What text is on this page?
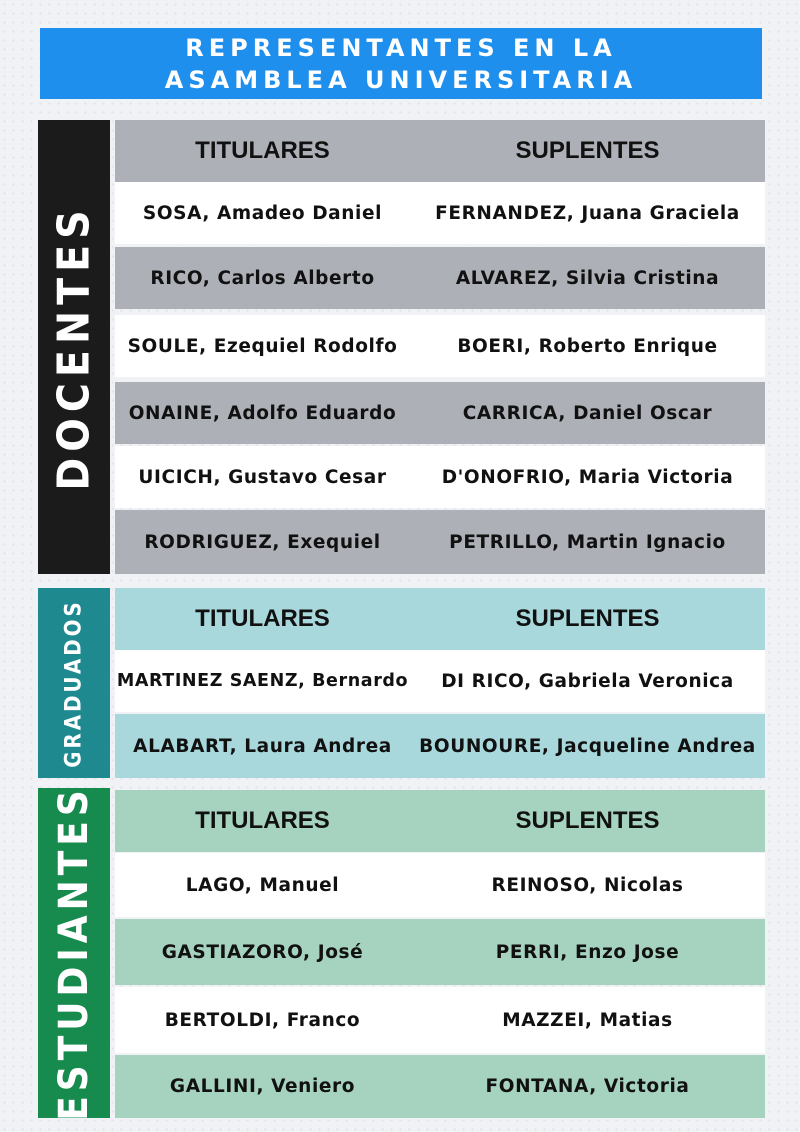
REPRESENTANTES EN LA
ASAMBLEA UNIVERSITARIA
DOCENTES
TITULARES	SUPLENTES
SOSA, Amadeo Daniel	FERNANDEZ, Juana Graciela
RICO, Carlos Alberto	ALVAREZ, Silvia Cristina
SOULE, Ezequiel Rodolfo	BOERI, Roberto Enrique
ONAINE, Adolfo Eduardo	CARRICA, Daniel Oscar
UICICH, Gustavo Cesar	D'ONOFRIO, Maria Victoria
RODRIGUEZ, Exequiel	PETRILLO, Martin Ignacio
GRADUADOS	TITULARES	SUPLENTES
MARTINEZ SAENZ, Bernardo	DI RICO, Gabriela Veronica
ALABART, Laura Andrea	BOUNOURE, Jacqueline Andrea
ESTUDIANTES	TITULARES	SUPLENTES
LAGO, Manuel	REINOSO, Nicolas
GASTIAZORO, José	PERRI, Enzo Jose
BERTOLDI, Franco	MAZZEI, Matias
GALLINI, Veniero	FONTANA, Victoria
